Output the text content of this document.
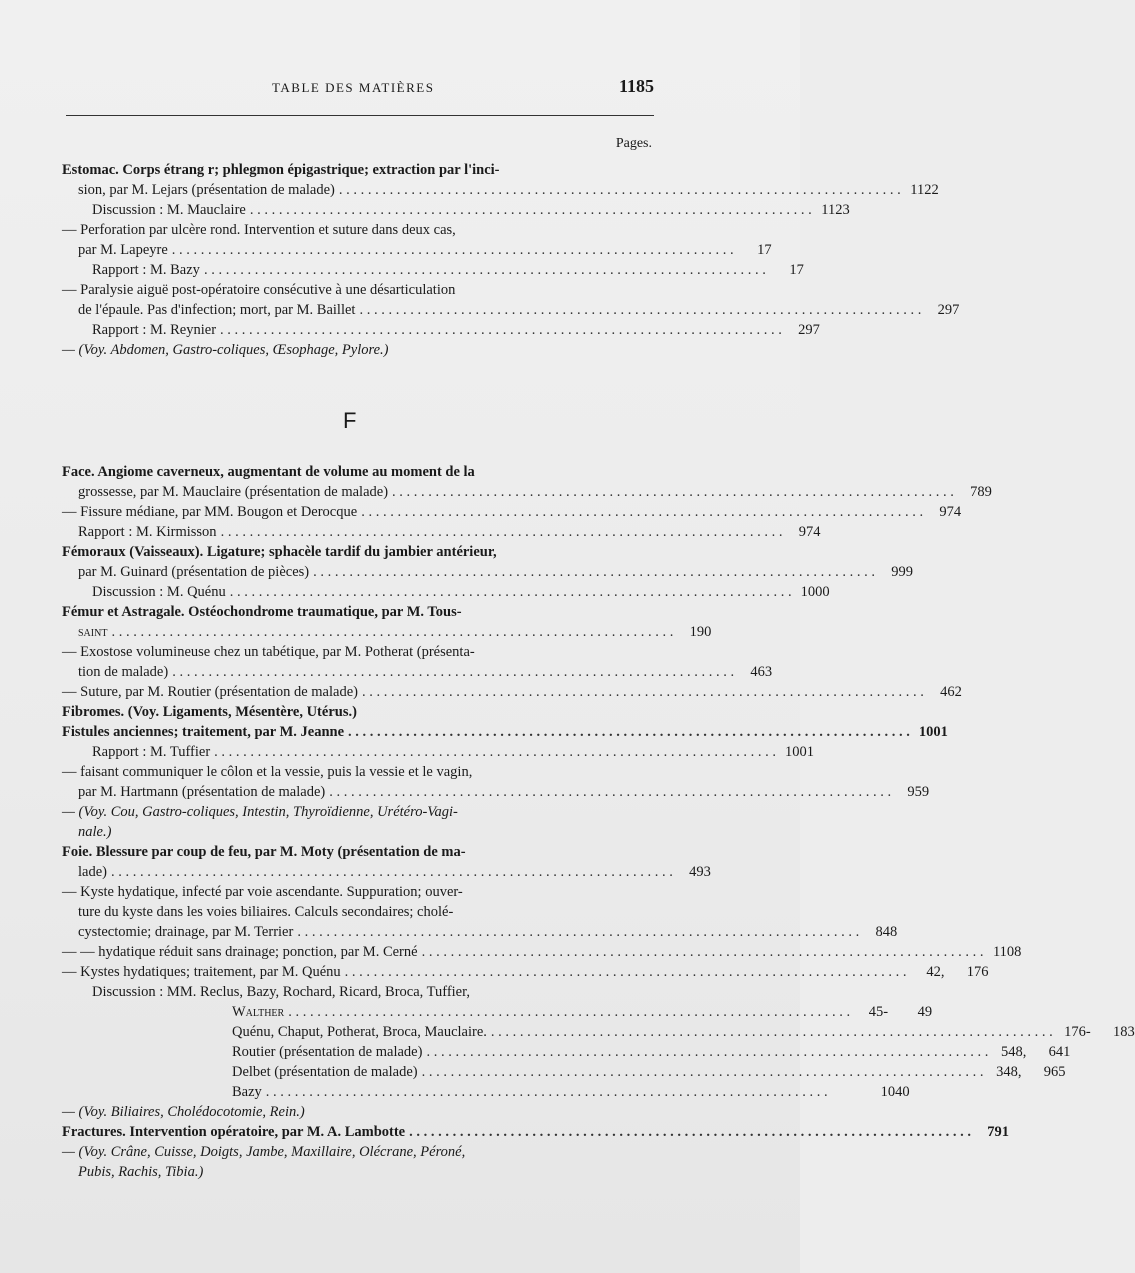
TABLE DES MATIÈRES	1185
Pages.
Estomac. Corps étrang r; phlegmon épigastrique; extraction par l'inci-
sion, par M. Lejars (présentation de malade) . . .	1122
Discussion : M. Mauclaire . . .	1123
— Perforation par ulcère rond. Intervention et suture dans deux cas,
par M. Lapeyre . . .	17
Rapport : M. Bazy . . .	17
— Paralysie aiguë post-opératoire consécutive à une désarticulation
de l'épaule. Pas d'infection; mort, par M. Baillet . . .	297
Rapport : M. Reynier . . .	297
— (Voy. Abdomen, Gastro-coliques, Œsophage, Pylore.)
F
Face. Angiome caverneux, augmentant de volume au moment de la
grossesse, par M. Mauclaire (présentation de malade) . . .	789
— Fissure médiane, par MM. Bougon et Derocque . . .	974
Rapport : M. Kirmisson . . .	974
Fémoraux (Vaisseaux). Ligature; sphacèle tardif du jambier antérieur,
par M. Guinard (présentation de pièces) . . .	999
Discussion : M. Quénu . . .	1000
Fémur et Astragale. Ostéochondrome traumatique, par M. Tous-
saint . . .	190
— Exostose volumineuse chez un tabétique, par M. Potherat (présenta-
tion de malade) . . .	463
— Suture, par M. Routier (présentation de malade) . . .	462
Fibromes. (Voy. Ligaments, Mésentère, Utérus.)
Fistules anciennes; traitement, par M. Jeanne . . .	1001
Rapport : M. Tuffier . . .	1001
— faisant communiquer le côlon et la vessie, puis la vessie et le vagin,
par M. Hartmann (présentation de malade) . . .	959
— (Voy. Cou, Gastro-coliques, Intestin, Thyroïdienne, Urétéro-Vagi-
nale.)
Foie. Blessure par coup de feu, par M. Moty (présentation de ma-
lade) . . .	493
— Kyste hydatique, infecté par voie ascendante. Suppuration; ouver-
ture du kyste dans les voies biliaires. Calculs secondaires; cholé-
cystectomie; drainage, par M. Terrier . . .	848
— — hydatique réduit sans drainage; ponction, par M. Cerné . . .	1108
— Kystes hydatiques; traitement, par M. Quénu . . .	42,	176
Discussion : MM. Reclus, Bazy, Rochard, Ricard, Broca, Tuffier,
Walther . . .	45-	49
Quénu, Chaput, Potherat, Broca, Mauclaire. . . .	176-	183
Routier (présentation de malade) . . .	548,	641
Delbet (présentation de malade) . . .	348,	965
Bazy . . .	1040
— (Voy. Biliaires, Cholédocotomie, Rein.)
Fractures. Intervention opératoire, par M. A. Lambotte . . .	791
— (Voy. Crâne, Cuisse, Doigts, Jambe, Maxillaire, Olécrane, Péroné,
Pubis, Rachis, Tibia.)
